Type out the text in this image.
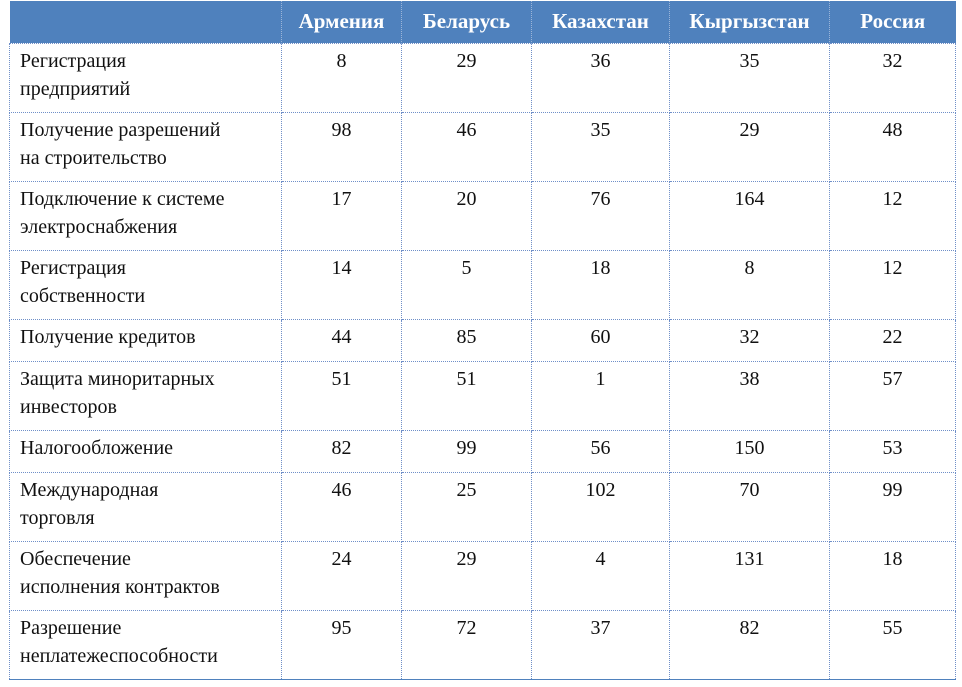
	Армения	Беларусь	Казахстан	Кыргызстан	Россия
Регистрация
предприятий	8	29	36	35	32
Получение разрешений
на строительство	98	46	35	29	48
Подключение к системе
электроснабжения	17	20	76	164	12
Регистрация
собственности	14	5	18	8	12
Получение кредитов	44	85	60	32	22
Защита миноритарных
инвесторов	51	51	1	38	57
Налогообложение	82	99	56	150	53
Международная
торговля	46	25	102	70	99
Обеспечение
исполнения контрактов	24	29	4	131	18
Разрешение
неплатежеспособности	95	72	37	82	55
